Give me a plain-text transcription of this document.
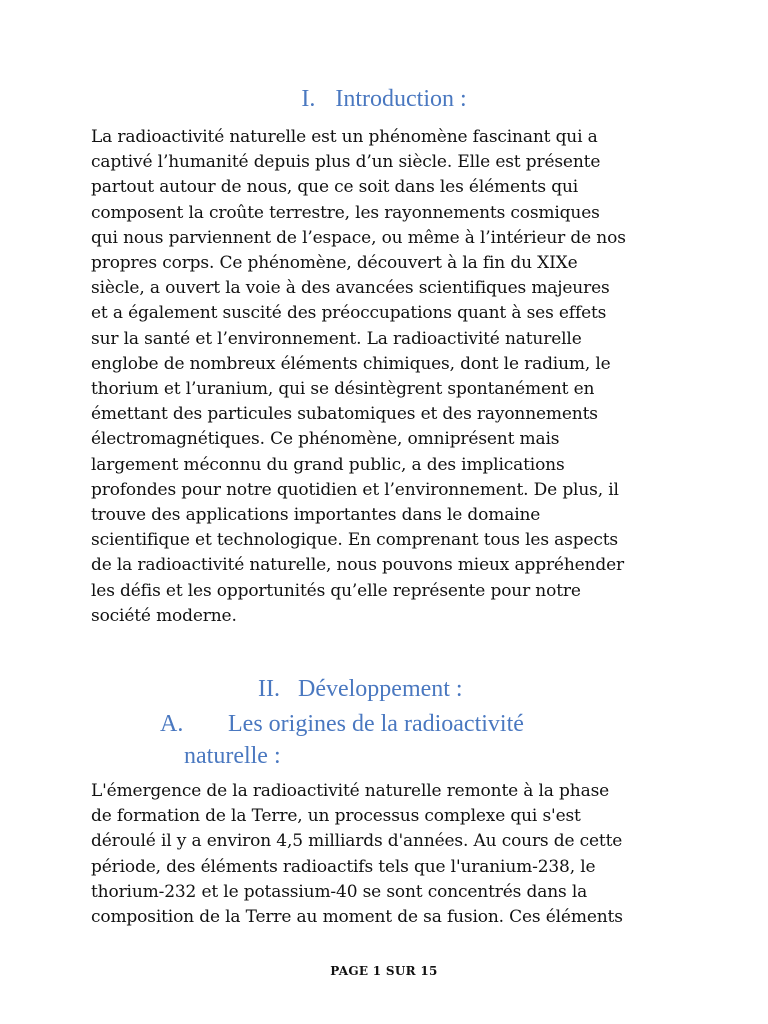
I. Introduction :
La radioactivité naturelle est un phénomène fascinant qui a
captivé l’humanité depuis plus d’un siècle. Elle est présente
partout autour de nous, que ce soit dans les éléments qui
composent la croûte terrestre, les rayonnements cosmiques
qui nous parviennent de l’espace, ou même à l’intérieur de nos
propres corps. Ce phénomène, découvert à la fin du XIXe
siècle, a ouvert la voie à des avancées scientifiques majeures
et a également suscité des préoccupations quant à ses effets
sur la santé et l’environnement. La radioactivité naturelle
englobe de nombreux éléments chimiques, dont le radium, le
thorium et l’uranium, qui se désintègrent spontanément en
émettant des particules subatomiques et des rayonnements
électromagnétiques. Ce phénomène, omniprésent mais
largement méconnu du grand public, a des implications
profondes pour notre quotidien et l’environnement. De plus, il
trouve des applications importantes dans le domaine
scientifique et technologique. En comprenant tous les aspects
de la radioactivité naturelle, nous pouvons mieux appréhender
les défis et les opportunités qu’elle représente pour notre
société moderne.
II. Développement :
A. Les origines de la radioactivité
naturelle :
L'émergence de la radioactivité naturelle remonte à la phase
de formation de la Terre, un processus complexe qui s'est
déroulé il y a environ 4,5 milliards d'années. Au cours de cette
période, des éléments radioactifs tels que l'uranium-238, le
thorium-232 et le potassium-40 se sont concentrés dans la
composition de la Terre au moment de sa fusion. Ces éléments
PAGE 1 SUR 15
